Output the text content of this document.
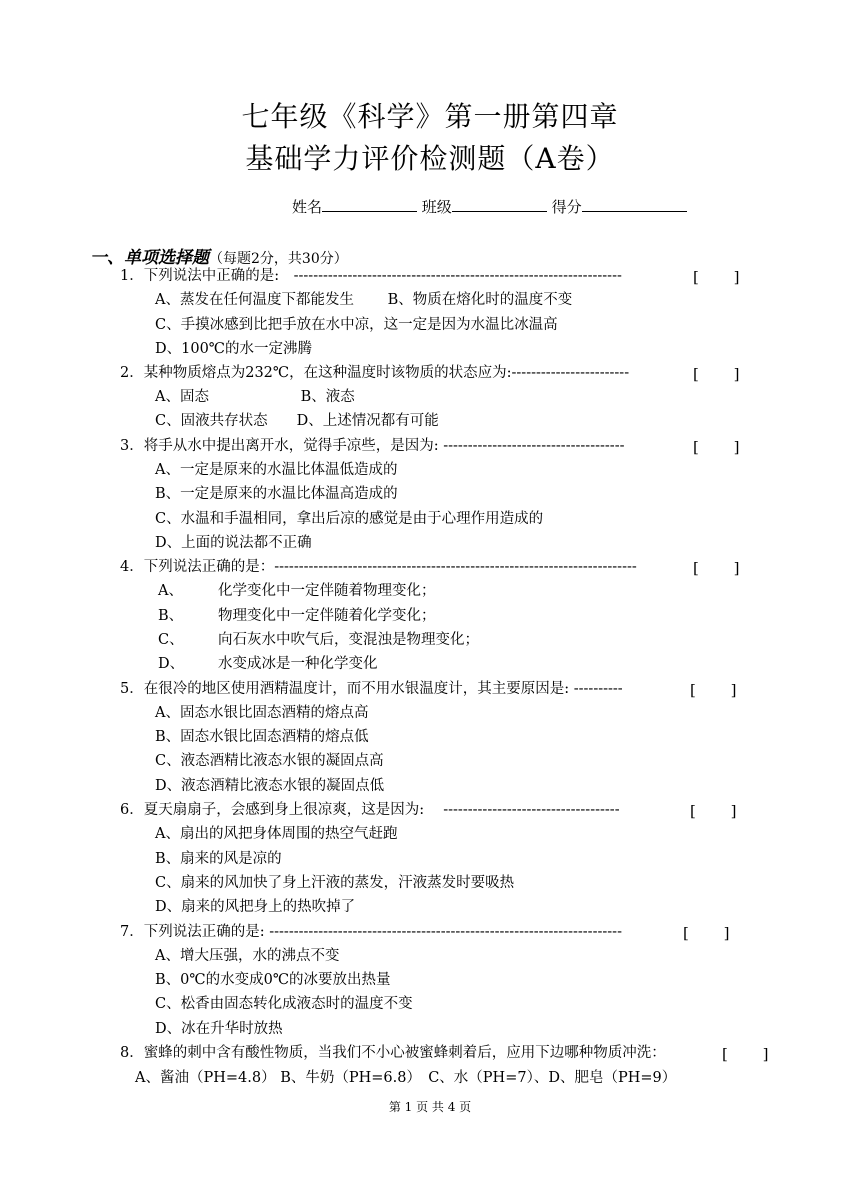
七年级《科学》第一册第四章
基础学力评价检测题（A卷）
姓名	班级	得分
一、单项选择题（每题2分，共30分）
1．下列说法中正确的是:　-------------------------------------------------------------------	[　　 ]
A、蒸发在任何温度下都能发生　　 B、物质在熔化时的温度不变
C、手摸冰感到比把手放在水中凉，这一定是因为水温比冰温高
D、100℃的水一定沸腾
2．某种物质熔点为232℃，在这种温度时该物质的状态应为:------------------------	[　　 ]
A、固态　　　　　　 B、液态
C、固液共存状态　　D、上述情况都有可能
3．将手从水中提出离开水，觉得手凉些，是因为: -------------------------------------	[　　 ]
A、一定是原来的水温比体温低造成的
B、一定是原来的水温比体温高造成的
C、水温和手温相同，拿出后凉的感觉是由于心理作用造成的
D、上面的说法都不正确
4．下列说法正确的是：--------------------------------------------------------------------------	[　　 ]
A、 化学变化中一定伴随着物理变化；
B、 物理变化中一定伴随着化学变化；
C、 向石灰水中吹气后，变混浊是物理变化；
D、 水变成冰是一种化学变化
5．在很冷的地区使用酒精温度计，而不用水银温度计，其主要原因是: ----------	[　　 ]
A、固态水银比固态酒精的熔点高
B、固态水银比固态酒精的熔点低
C、液态酒精比液态水银的凝固点高
D、液态酒精比液态水银的凝固点低
6．夏天扇扇子，会感到身上很凉爽，这是因为:　 ------------------------------------	[　　 ]
A、扇出的风把身体周围的热空气赶跑
B、扇来的风是凉的
C、扇来的风加快了身上汗液的蒸发，汗液蒸发时要吸热
D、扇来的风把身上的热吹掉了
7．下列说法正确的是: ------------------------------------------------------------------------	[　　 ]
A、增大压强，水的沸点不变
B、0℃的水变成0℃的冰要放出热量
C、松香由固态转化成液态时的温度不变
D、冰在升华时放热
8．蜜蜂的刺中含有酸性物质，当我们不小心被蜜蜂刺着后，应用下边哪种物质冲洗：	[　　 ]
A、酱油（PH=4.8） B、牛奶（PH=6.8）　C、水（PH=7）、D、肥皂（PH=9）
第 1 页 共 4 页
